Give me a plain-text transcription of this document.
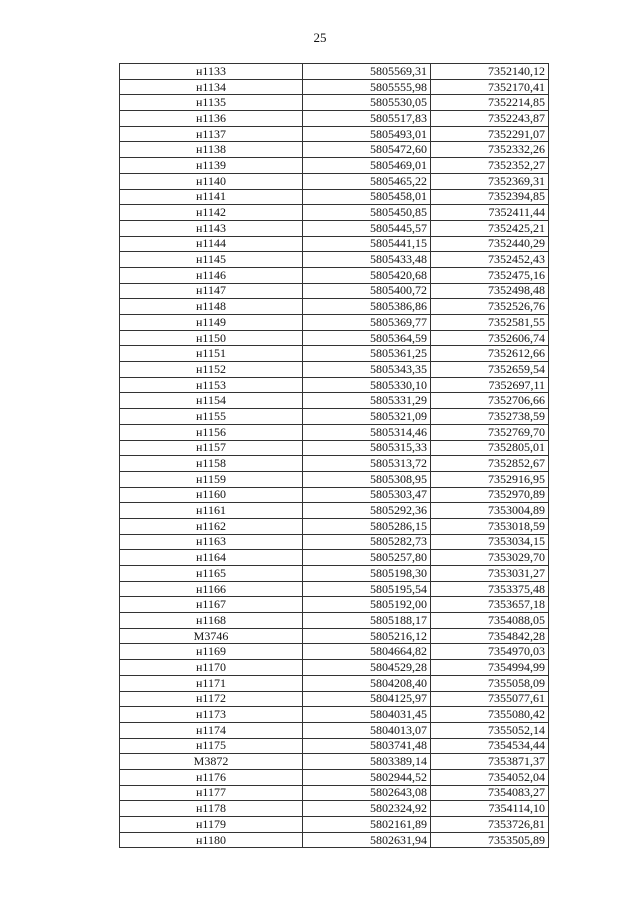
25
н1133	5805569,31	7352140,12
н1134	5805555,98	7352170,41
н1135	5805530,05	7352214,85
н1136	5805517,83	7352243,87
н1137	5805493,01	7352291,07
н1138	5805472,60	7352332,26
н1139	5805469,01	7352352,27
н1140	5805465,22	7352369,31
н1141	5805458,01	7352394,85
н1142	5805450,85	7352411,44
н1143	5805445,57	7352425,21
н1144	5805441,15	7352440,29
н1145	5805433,48	7352452,43
н1146	5805420,68	7352475,16
н1147	5805400,72	7352498,48
н1148	5805386,86	7352526,76
н1149	5805369,77	7352581,55
н1150	5805364,59	7352606,74
н1151	5805361,25	7352612,66
н1152	5805343,35	7352659,54
н1153	5805330,10	7352697,11
н1154	5805331,29	7352706,66
н1155	5805321,09	7352738,59
н1156	5805314,46	7352769,70
н1157	5805315,33	7352805,01
н1158	5805313,72	7352852,67
н1159	5805308,95	7352916,95
н1160	5805303,47	7352970,89
н1161	5805292,36	7353004,89
н1162	5805286,15	7353018,59
н1163	5805282,73	7353034,15
н1164	5805257,80	7353029,70
н1165	5805198,30	7353031,27
н1166	5805195,54	7353375,48
н1167	5805192,00	7353657,18
н1168	5805188,17	7354088,05
М3746	5805216,12	7354842,28
н1169	5804664,82	7354970,03
н1170	5804529,28	7354994,99
н1171	5804208,40	7355058,09
н1172	5804125,97	7355077,61
н1173	5804031,45	7355080,42
н1174	5804013,07	7355052,14
н1175	5803741,48	7354534,44
М3872	5803389,14	7353871,37
н1176	5802944,52	7354052,04
н1177	5802643,08	7354083,27
н1178	5802324,92	7354114,10
н1179	5802161,89	7353726,81
н1180	5802631,94	7353505,89
